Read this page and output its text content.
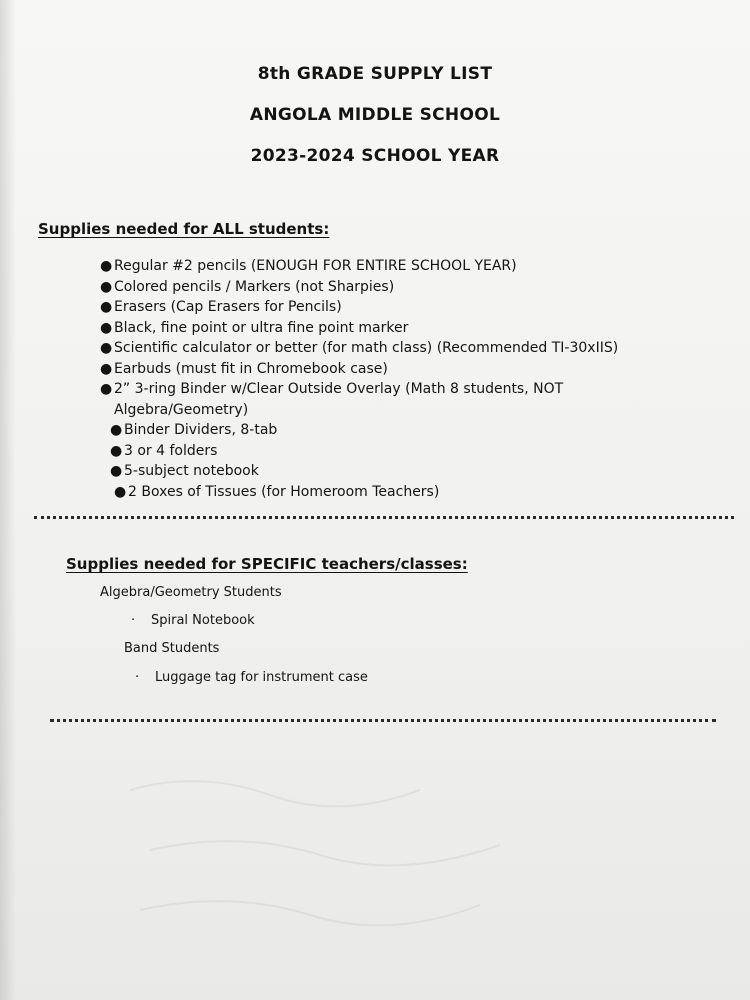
8th GRADE SUPPLY LIST
ANGOLA MIDDLE SCHOOL
2023-2024 SCHOOL YEAR
Supplies needed for ALL students:
● Regular #2 pencils (ENOUGH FOR ENTIRE SCHOOL YEAR)
● Colored pencils / Markers (not Sharpies)
● Erasers (Cap Erasers for Pencils)
● Black, fine point or ultra fine point marker
● Scientific calculator or better (for math class) (Recommended TI-30xIIS)
● Earbuds (must fit in Chromebook case)
● 2” 3-ring Binder w/Clear Outside Overlay (Math 8 students, NOT
Algebra/Geometry)
● Binder Dividers, 8-tab
● 3 or 4 folders
● 5-subject notebook
● 2 Boxes of Tissues (for Homeroom Teachers)
Supplies needed for SPECIFIC teachers/classes:
Algebra/Geometry Students
· Spiral Notebook
Band Students
· Luggage tag for instrument case
